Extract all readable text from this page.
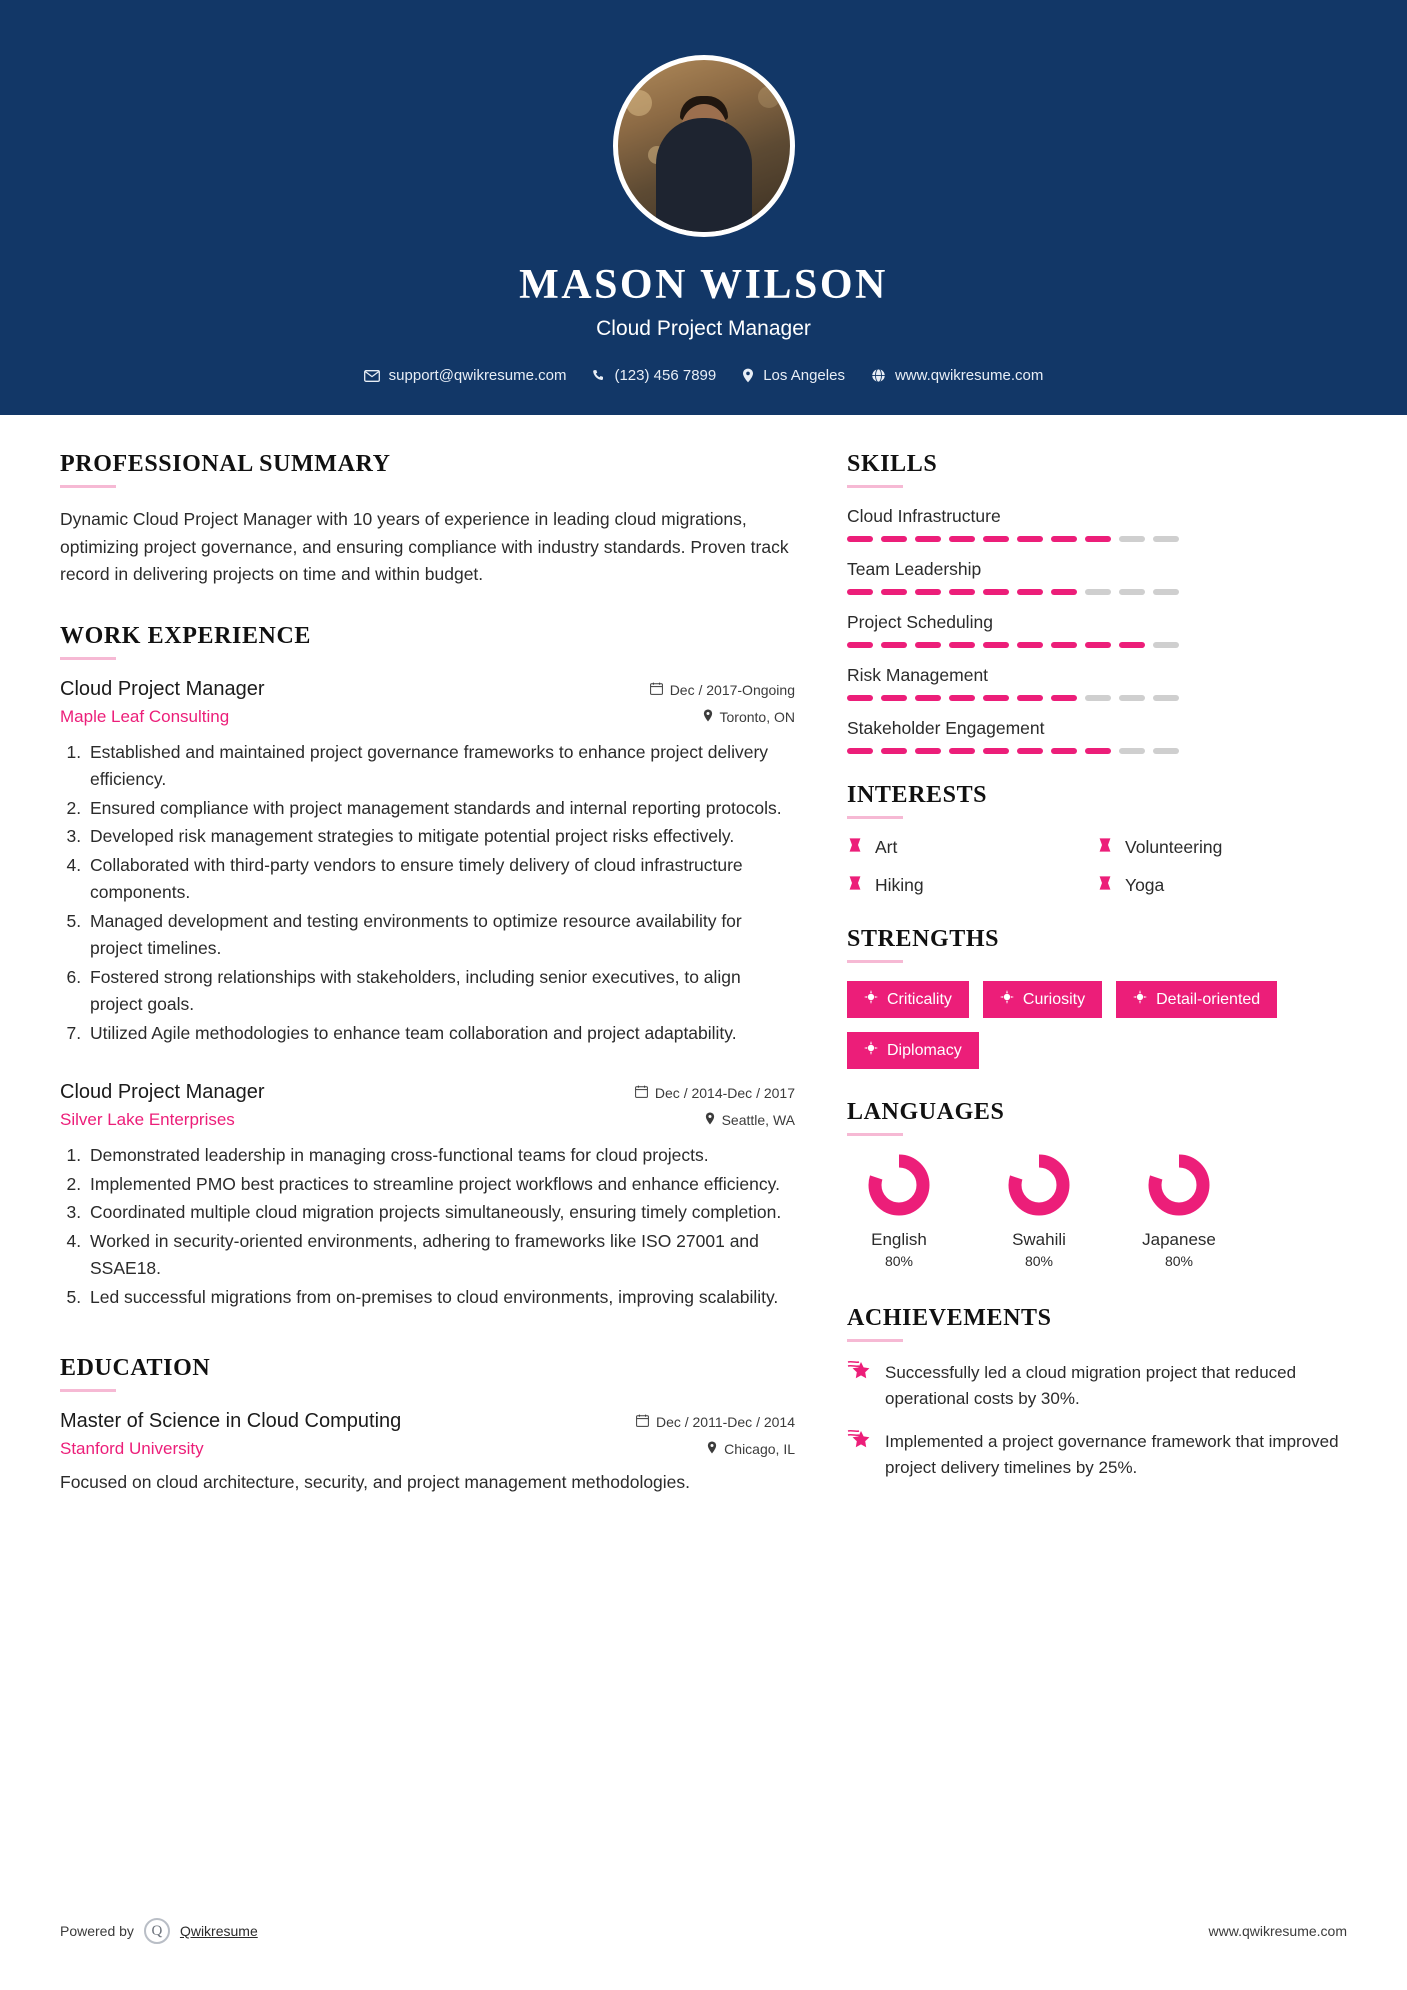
MASON WILSON
Cloud Project Manager
support@qwikresume.com	(123) 456 7899	Los Angeles	www.qwikresume.com
PROFESSIONAL SUMMARY

Dynamic Cloud Project Manager with 10 years of experience in leading cloud migrations, optimizing project governance, and ensuring compliance with industry standards. Proven track record in delivering projects on time and within budget.

WORK EXPERIENCE
Cloud Project Manager	Dec / 2017-Ongoing
Maple Leaf Consulting	Toronto, ON
1. Established and maintained project governance frameworks to enhance project delivery efficiency.
2. Ensured compliance with project management standards and internal reporting protocols.
3. Developed risk management strategies to mitigate potential project risks effectively.
4. Collaborated with third-party vendors to ensure timely delivery of cloud infrastructure components.
5. Managed development and testing environments to optimize resource availability for project timelines.
6. Fostered strong relationships with stakeholders, including senior executives, to align project goals.
7. Utilized Agile methodologies to enhance team collaboration and project adaptability.
Cloud Project Manager	Dec / 2014-Dec / 2017
Silver Lake Enterprises	Seattle, WA
1. Demonstrated leadership in managing cross-functional teams for cloud projects.
2. Implemented PMO best practices to streamline project workflows and enhance efficiency.
3. Coordinated multiple cloud migration projects simultaneously, ensuring timely completion.
4. Worked in security-oriented environments, adhering to frameworks like ISO 27001 and SSAE18.
5. Led successful migrations from on-premises to cloud environments, improving scalability.
EDUCATION
Master of Science in Cloud Computing	Dec / 2011-Dec / 2014
Stanford University	Chicago, IL

Focused on cloud architecture, security, and project management methodologies.

SKILLS
Cloud Infrastructure
Team Leadership
Project Scheduling
Risk Management
Stakeholder Engagement
INTERESTS
Art	Volunteering
Hiking	Yoga
STRENGTHS
Criticality	Curiosity	Detail-oriented
Diplomacy
LANGUAGES
English
80%
Swahili
80%
Japanese
80%
ACHIEVEMENTS
Successfully led a cloud migration project that reduced operational costs by 30%.
Implemented a project governance framework that improved project delivery timelines by 25%.
Powered by	Q	Qwikresume	www.qwikresume.com
